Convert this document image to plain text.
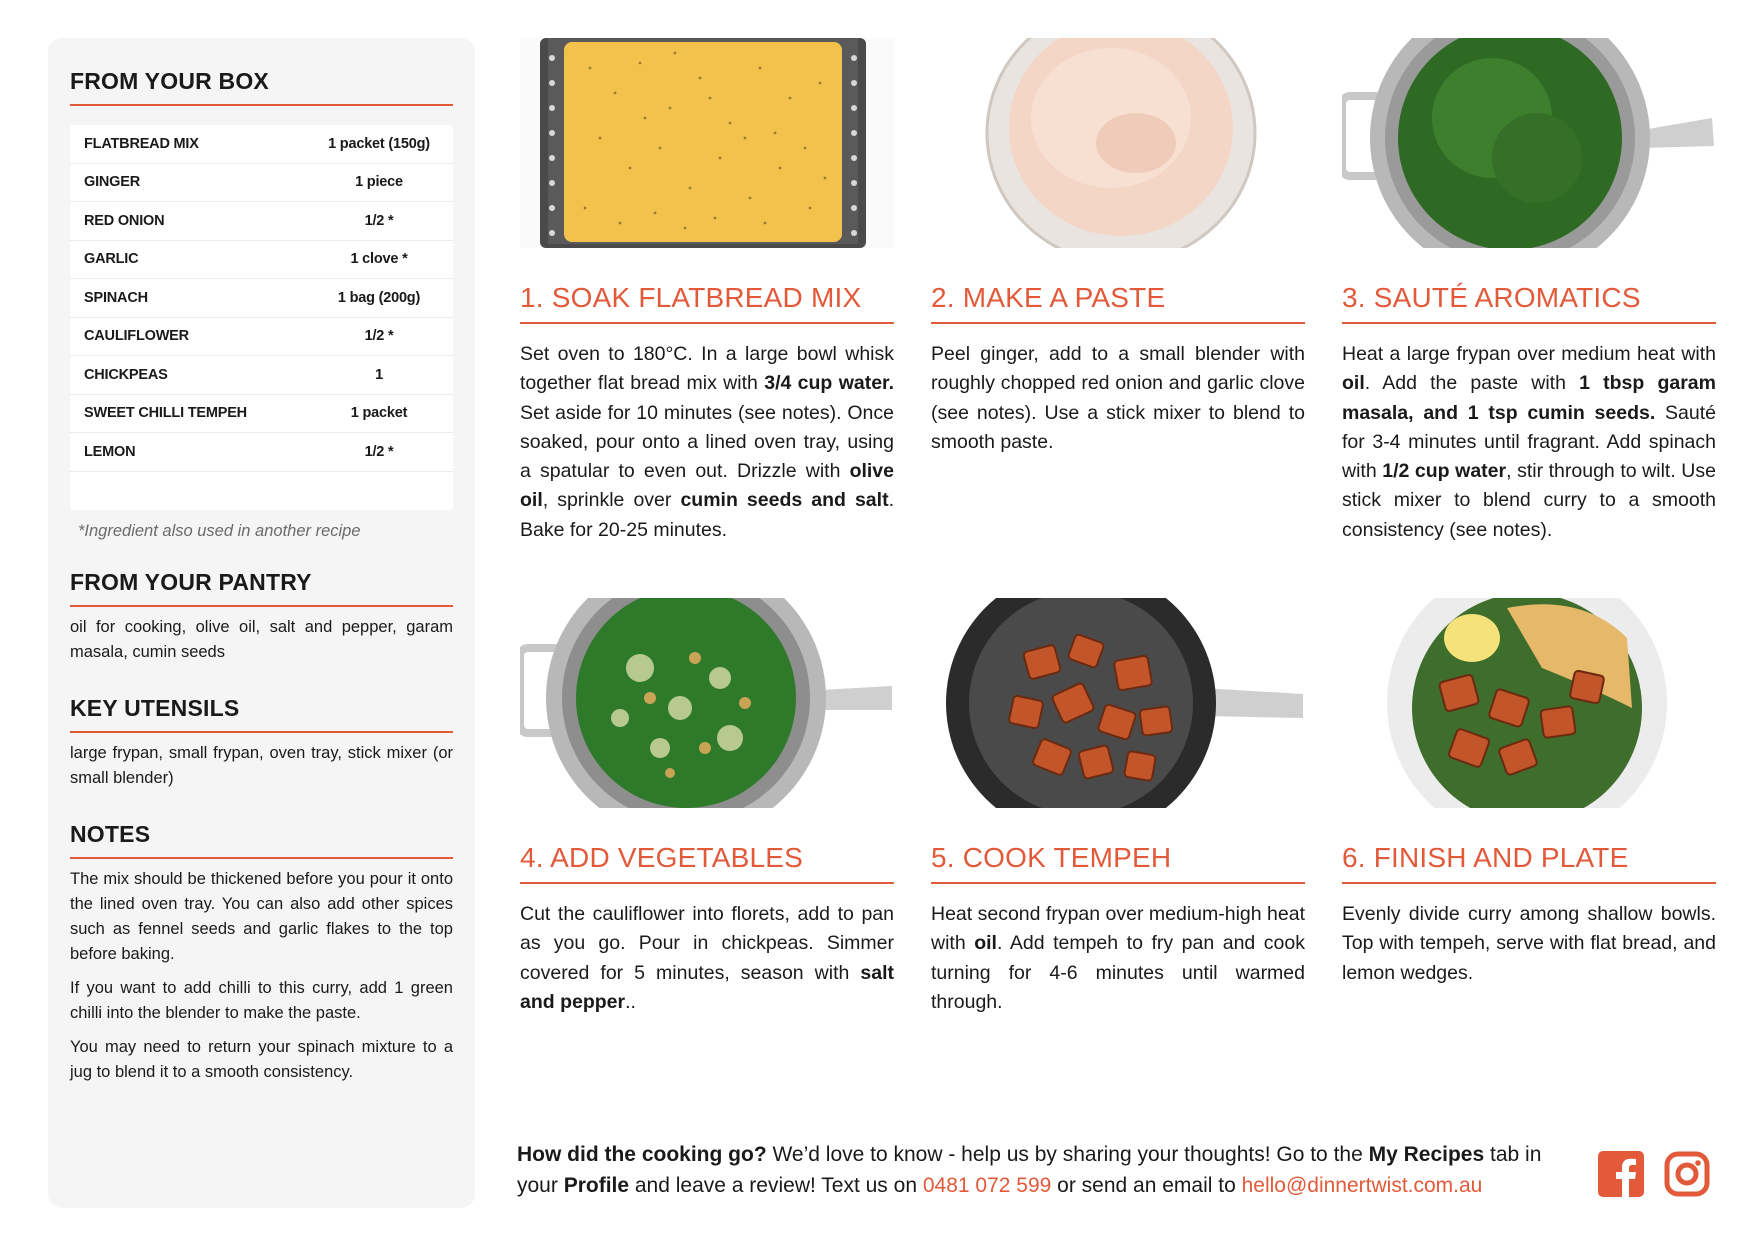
FROM YOUR BOX
FLATBREAD MIX	1 packet (150g)
GINGER	1 piece
RED ONION	1/2 *
GARLIC	1 clove *
SPINACH	1 bag (200g)
CAULIFLOWER	1/2 *
CHICKPEAS	1
SWEET CHILLI TEMPEH	1 packet
LEMON	1/2 *
*Ingredient also used in another recipe
FROM YOUR PANTRY
oil for cooking, olive oil, salt and pepper, garam masala, cumin seeds
KEY UTENSILS
large frypan, small frypan, oven tray, stick mixer (or small blender)
NOTES

The mix should be thickened before you pour it onto the lined oven tray. You can also add other spices such as fennel seeds and garlic flakes to the top before baking.

If you want to add chilli to this curry, add 1 green chilli into the blender to make the paste.

You may need to return your spinach mixture to a jug to blend it to a smooth consistency.

1. SOAK FLATBREAD MIX
Set oven to 180°C. In a large bowl whisk together flat bread mix with 3/4 cup water. Set aside for 10 minutes (see notes). Once soaked, pour onto a lined oven tray, using a spatular to even out. Drizzle with olive oil, sprinkle over cumin seeds and salt. Bake for 20-25 minutes.
2. MAKE A PASTE
Peel ginger, add to a small blender with roughly chopped red onion and garlic clove (see notes). Use a stick mixer to blend to smooth paste.
3. SAUTÉ AROMATICS
Heat a large frypan over medium heat with oil. Add the paste with 1 tbsp garam masala, and 1 tsp cumin seeds. Sauté for 3-4 minutes until fragrant. Add spinach with 1/2 cup water, stir through to wilt. Use stick mixer to blend curry to a smooth consistency (see notes).
4. ADD VEGETABLES
Cut the cauliflower into florets, add to pan as you go. Pour in chickpeas. Simmer covered for 5 minutes, season with salt and pepper..
5. COOK TEMPEH
Heat second frypan over medium-high heat with oil. Add tempeh to fry pan and cook turning for 4-6 minutes until warmed through.
6. FINISH AND PLATE
Evenly divide curry among shallow bowls. Top with tempeh, serve with flat bread, and lemon wedges.
How did the cooking go? We’d love to know - help us by sharing your thoughts! Go to the My Recipes tab in your Profile and leave a review! Text us on 0481 072 599 or send an email to hello@dinnertwist.com.au
